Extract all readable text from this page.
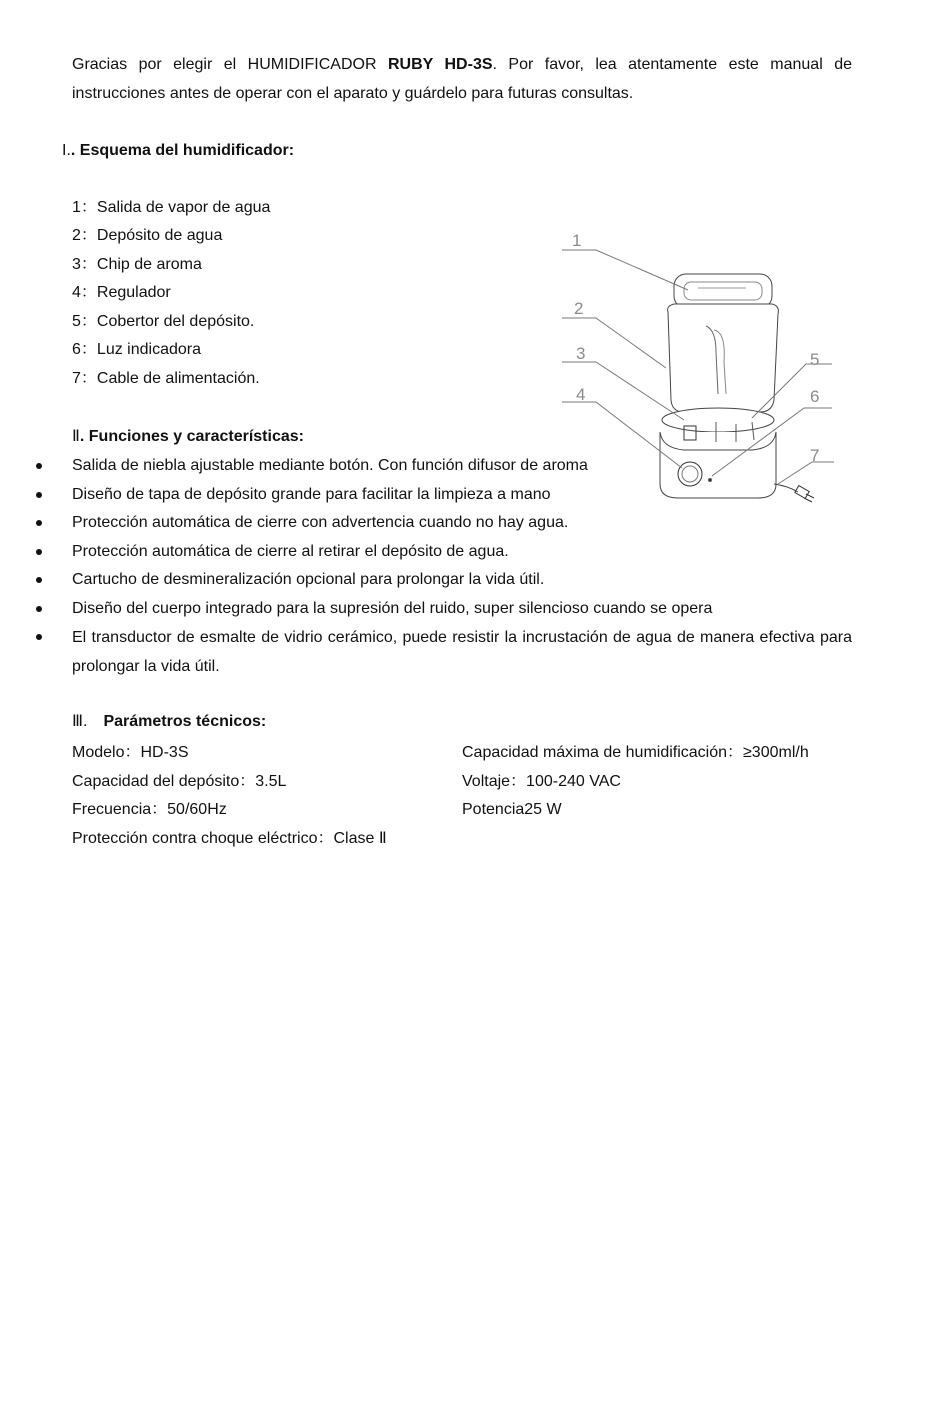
Gracias por elegir el HUMIDIFICADOR RUBY HD-3S. Por favor, lea atentamente este manual de instrucciones antes de operar con el aparato y guárdelo para futuras consultas.
I.. Esquema del humidificador:
1：Salida de vapor de agua
2：Depósito de agua
3：Chip de aroma
4：Regulador
5：Cobertor del depósito.
6：Luz indicadora
7：Cable de alimentación.
1
2
3
4
5
6
7
Ⅱ. Funciones y características:
Salida de niebla ajustable mediante botón. Con función difusor de aroma
Diseño de tapa de depósito grande para facilitar la limpieza a mano
Protección automática de cierre con advertencia cuando no hay agua.
Protección automática de cierre al retirar el depósito de agua.
Cartucho de desmineralización opcional para prolongar la vida útil.
Diseño del cuerpo integrado para la supresión del ruido, super silencioso cuando se opera
El transductor de esmalte de vidrio cerámico, puede resistir la incrustación de agua de manera efectiva para prolongar la vida útil.
Ⅲ. Parámetros técnicos:
Modelo：HD-3S	Capacidad máxima de humidificación：≥300ml/h
Capacidad del depósito：3.5L	Voltaje：100-240 VAC
Frecuencia：50/60Hz	Potencia25 W
Protección contra choque eléctrico：Clase Ⅱ
